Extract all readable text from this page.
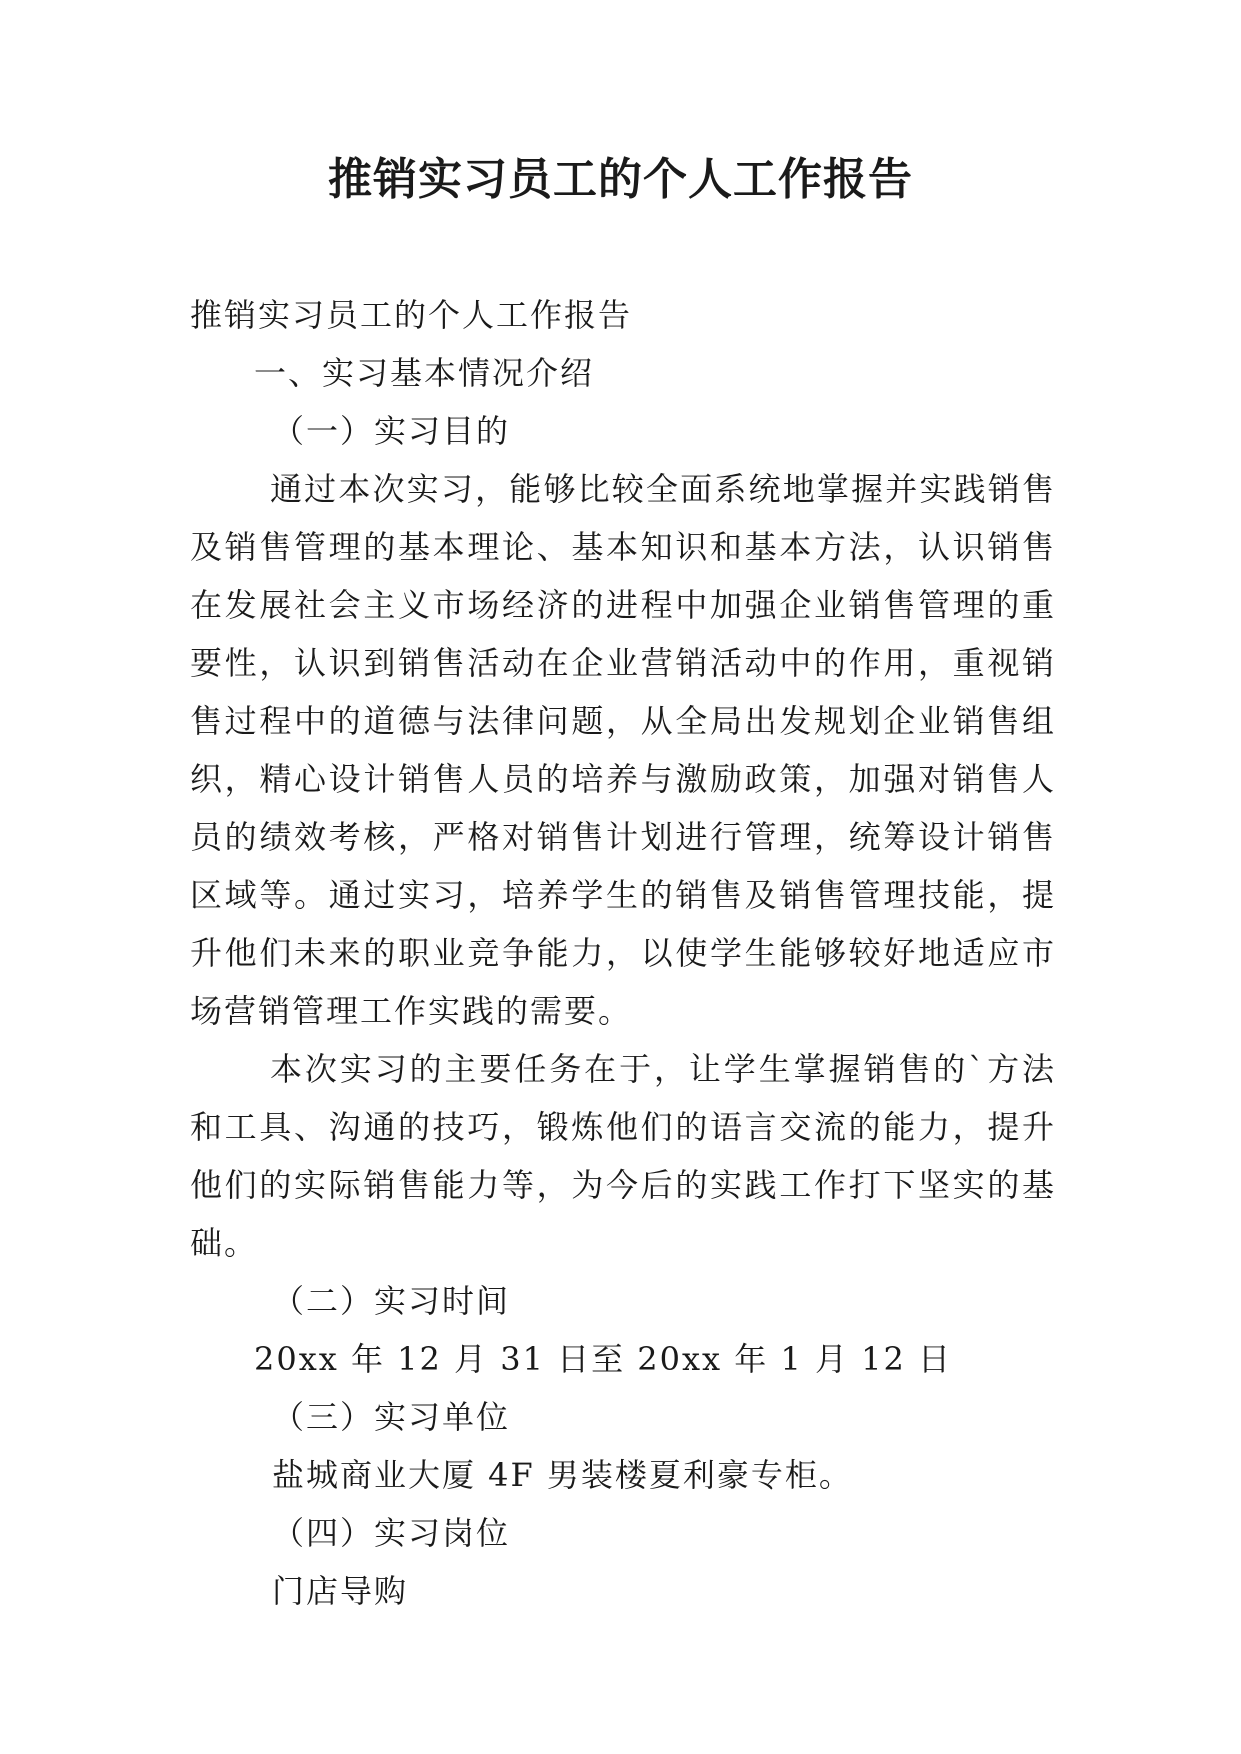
推销实习员工的个人工作报告

推销实习员工的个人工作报告

一、实习基本情况介绍

（一）实习目的

通过本次实习，能够比较全面系统地掌握并实践销售及销售管理的基本理论、基本知识和基本方法，认识销售在发展社会主义市场经济的进程中加强企业销售管理的重要性，认识到销售活动在企业营销活动中的作用，重视销售过程中的道德与法律问题，从全局出发规划企业销售组织，精心设计销售人员的培养与激励政策，加强对销售人员的绩效考核，严格对销售计划进行管理，统筹设计销售区域等。通过实习，培养学生的销售及销售管理技能，提升他们未来的职业竞争能力，以使学生能够较好地适应市场营销管理工作实践的需要。

本次实习的主要任务在于，让学生掌握销售的`方法和工具、沟通的技巧，锻炼他们的语言交流的能力，提升他们的实际销售能力等，为今后的实践工作打下坚实的基础。

（二）实习时间

20xx 年 12 月 31 日至 20xx 年 1 月 12 日

（三）实习单位

盐城商业大厦 4F 男装楼夏利豪专柜。

（四）实习岗位

门店导购
